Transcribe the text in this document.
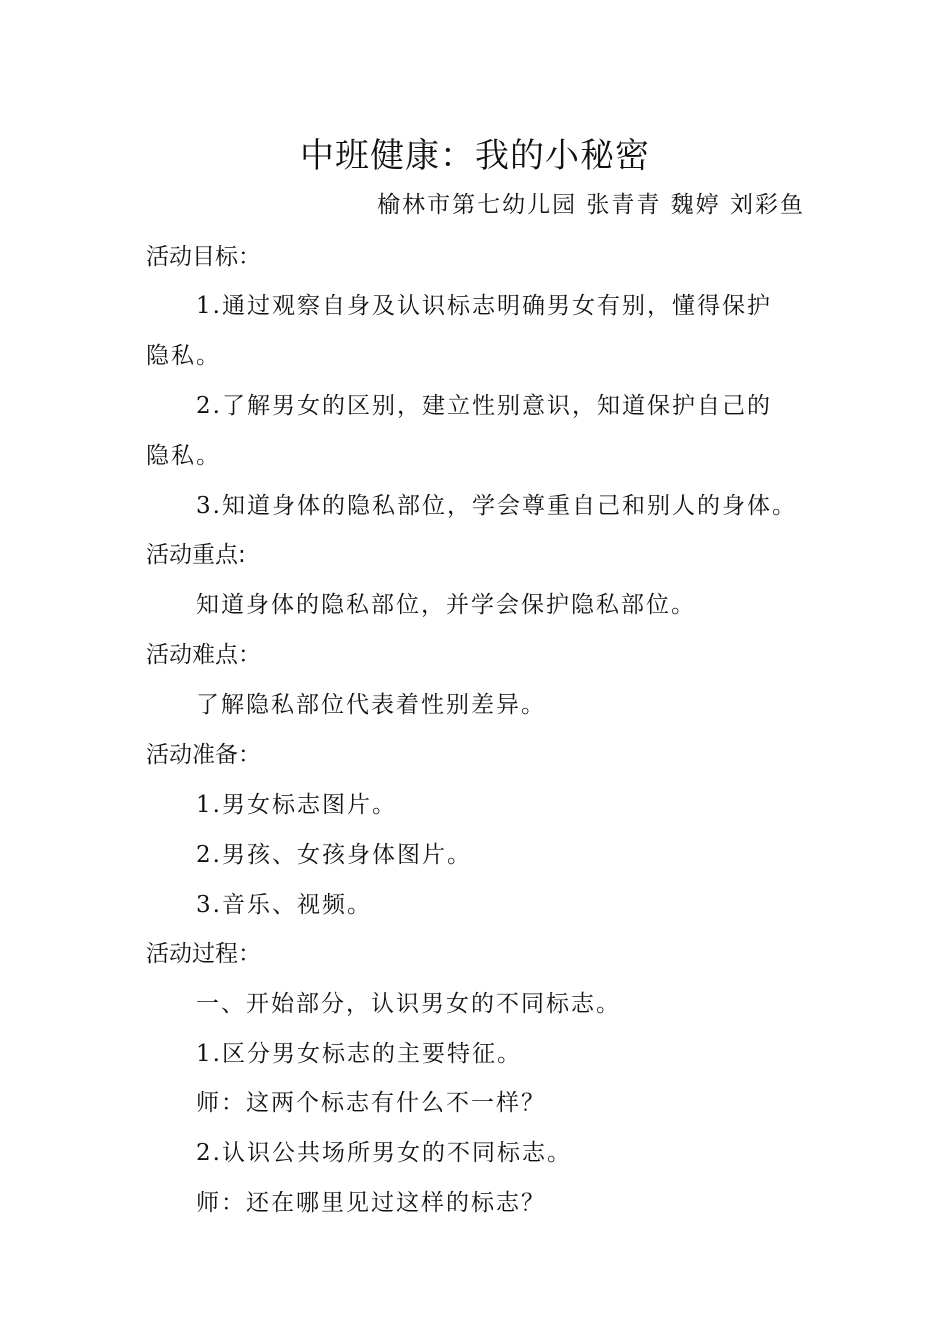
中班健康：我的小秘密
榆林市第七幼儿园 张青青 魏婷 刘彩鱼
活动目标：
1.通过观察自身及认识标志明确男女有别，懂得保护
隐私。
2.了解男女的区别，建立性别意识，知道保护自己的
隐私。
3.知道身体的隐私部位，学会尊重自己和别人的身体。
活动重点:
知道身体的隐私部位，并学会保护隐私部位。
活动难点：
了解隐私部位代表着性别差异。
活动准备：
1.男女标志图片。
2.男孩、女孩身体图片。
3.音乐、视频。
活动过程：
一、开始部分，认识男女的不同标志。
1.区分男女标志的主要特征。
师：这两个标志有什么不一样？
2.认识公共场所男女的不同标志。
师：还在哪里见过这样的标志？
